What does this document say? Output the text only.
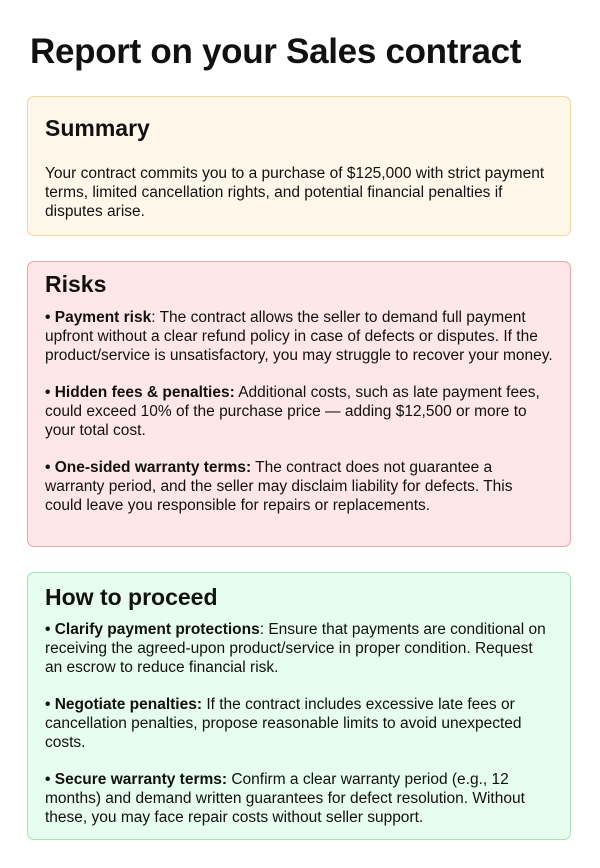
Report on your Sales contract
Summary

Your contract commits you to a purchase of $125,000 with strict payment terms, limited cancellation rights, and potential financial penalties if disputes arise.

Risks
• Payment risk: The contract allows the seller to demand full payment upfront without a clear refund policy in case of defects or disputes. If the product/service is unsatisfactory, you may struggle to recover your money.
• Hidden fees & penalties: Additional costs, such as late payment fees, could exceed 10% of the purchase price — adding $12,500 or more to your total cost.
• One-sided warranty terms: The contract does not guarantee a warranty period, and the seller may disclaim liability for defects. This could leave you responsible for repairs or replacements.
How to proceed
• Clarify payment protections: Ensure that payments are conditional on receiving the agreed-upon product/service in proper condition. Request an escrow to reduce financial risk.
• Negotiate penalties: If the contract includes excessive late fees or cancellation penalties, propose reasonable limits to avoid unexpected costs.
• Secure warranty terms: Confirm a clear warranty period (e.g., 12 months) and demand written guarantees for defect resolution. Without these, you may face repair costs without seller support.
